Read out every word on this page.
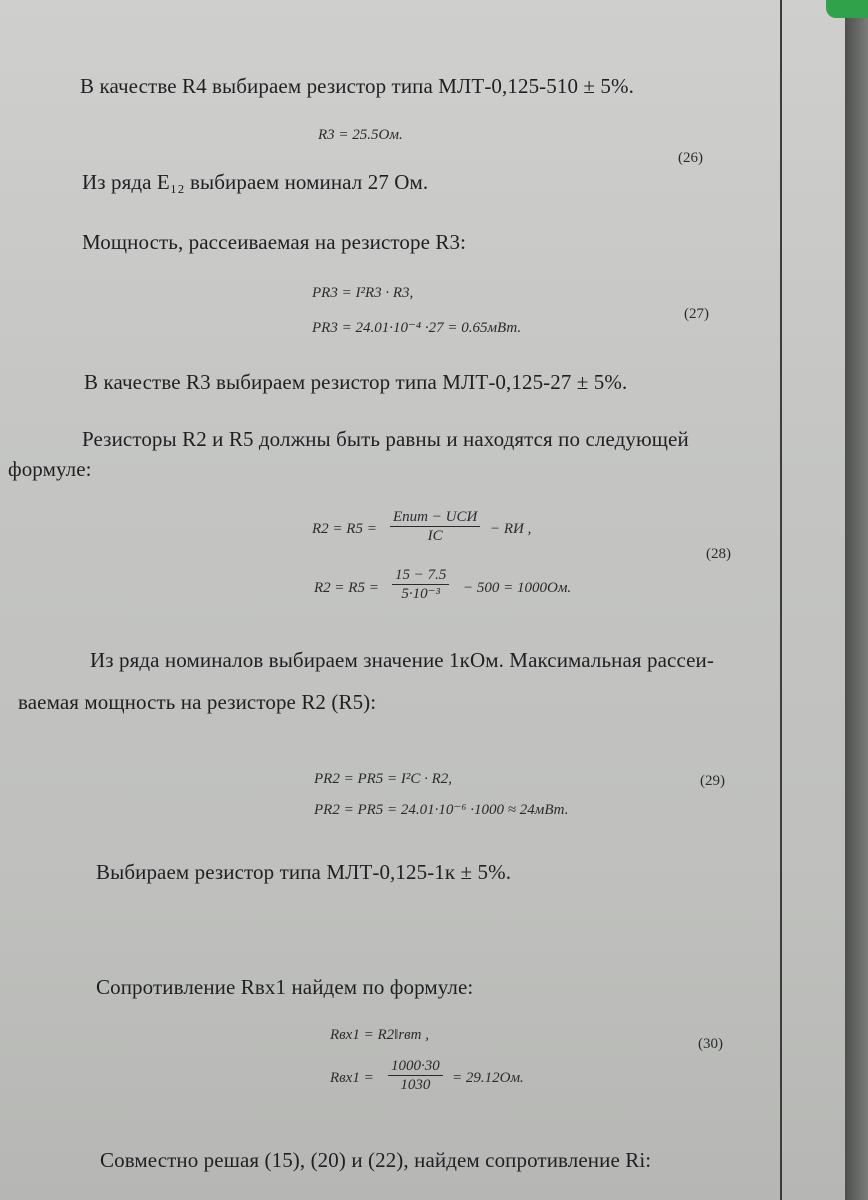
В качестве R4 выбираем резистор типа МЛТ-0,125-510 ± 5%.
R3 = 25.5Ом.
(26)
Из ряда E₁₂ выбираем номинал 27 Ом.
Мощность, рассеиваемая на резисторе R3:
PR3 = I²R3 · R3,
PR3 = 24.01·10⁻⁴ ·27 = 0.65мВт.
(27)
В качестве R3 выбираем резистор типа МЛТ-0,125-27 ± 5%.
Резисторы R2 и R5 должны быть равны и находятся по следующей
формуле:
R2 = R5 =
Eпит − UСИ
IC	− RИ ,
$R2 = R5 = \frac{15 - 7.5}{\text{5·10⁻³}} - 500 = 1000Ом$.
(28)
Из ряда номиналов выбираем значение 1кОм. Максимальная рассеи-
ваемая мощность на резисторе R2 (R5):
PR2 = PR5 = I²C · R2,
PR2 = PR5 = 24.01·10⁻⁶ ·1000 ≈ 24мВт.
(29)
Выбираем резистор типа МЛТ-0,125-1к ± 5%.
Сопротивление Rвх1 найдем по формуле:
Rвх1 = R2‖rвт ,
$Rвх1 = \frac{1000\cdot 30}{1030} = 29.12Ом$.
(30)
Совместно решая (15), (20) и (22), найдем сопротивление Ri:
